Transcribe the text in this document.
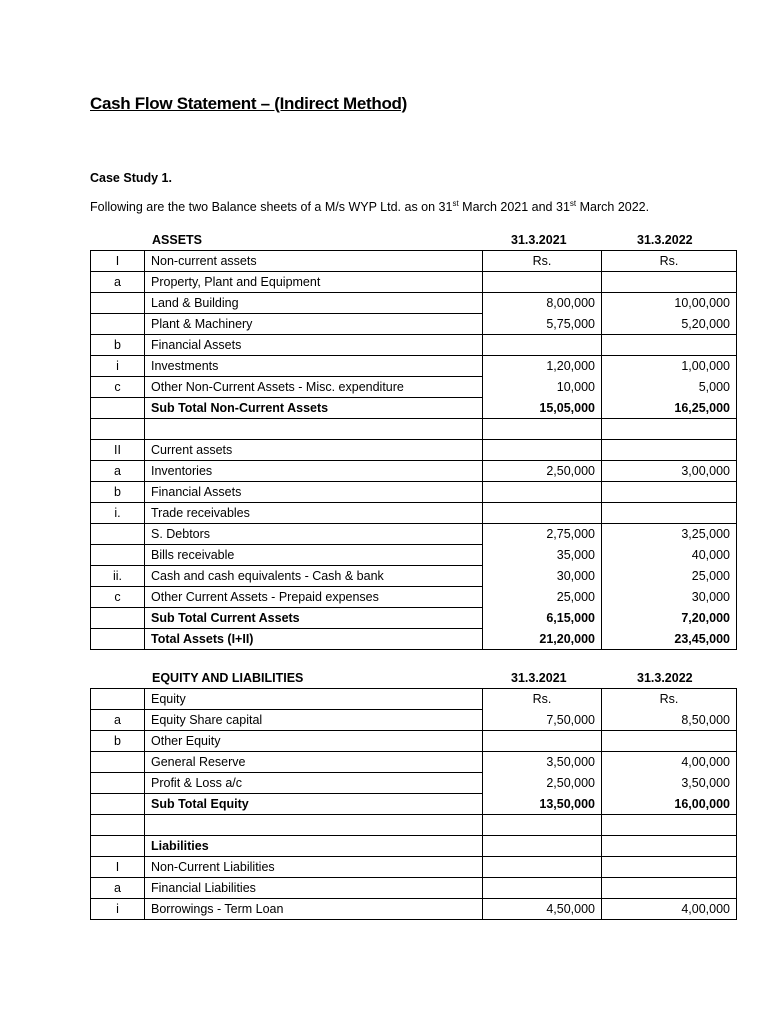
Cash Flow Statement – (Indirect Method)
Case Study 1.
Following are the two Balance sheets of a M/s WYP Ltd. as on 31st March 2021 and 31st March 2022.
ASSETS	31.3.2021	31.3.2022
I	Non-current assets	Rs.	Rs.
a	Property, Plant and Equipment		
	Land & Building	8,00,000	10,00,000
	Plant & Machinery	5,75,000	5,20,000
b	Financial Assets		
i	Investments	1,20,000	1,00,000
c	Other Non-Current Assets - Misc. expenditure	10,000	5,000
	Sub Total Non-Current Assets	15,05,000	16,25,000

II	Current assets		
a	Inventories	2,50,000	3,00,000
b	Financial Assets		
i.	Trade receivables		
	S. Debtors	2,75,000	3,25,000
	Bills receivable	35,000	40,000
ii.	Cash and cash equivalents - Cash & bank	30,000	25,000
c	Other Current Assets - Prepaid expenses	25,000	30,000
	Sub Total Current Assets	6,15,000	7,20,000
	Total Assets (I+II)	21,20,000	23,45,000
EQUITY AND LIABILITIES	31.3.2021	31.3.2022
	Equity	Rs.	Rs.
a	Equity Share capital	7,50,000	8,50,000
b	Other Equity		
	General Reserve	3,50,000	4,00,000
	Profit & Loss a/c	2,50,000	3,50,000
	Sub Total Equity	13,50,000	16,00,000

	Liabilities		
I	Non-Current Liabilities		
a	Financial Liabilities		
i	Borrowings - Term Loan	4,50,000	4,00,000
